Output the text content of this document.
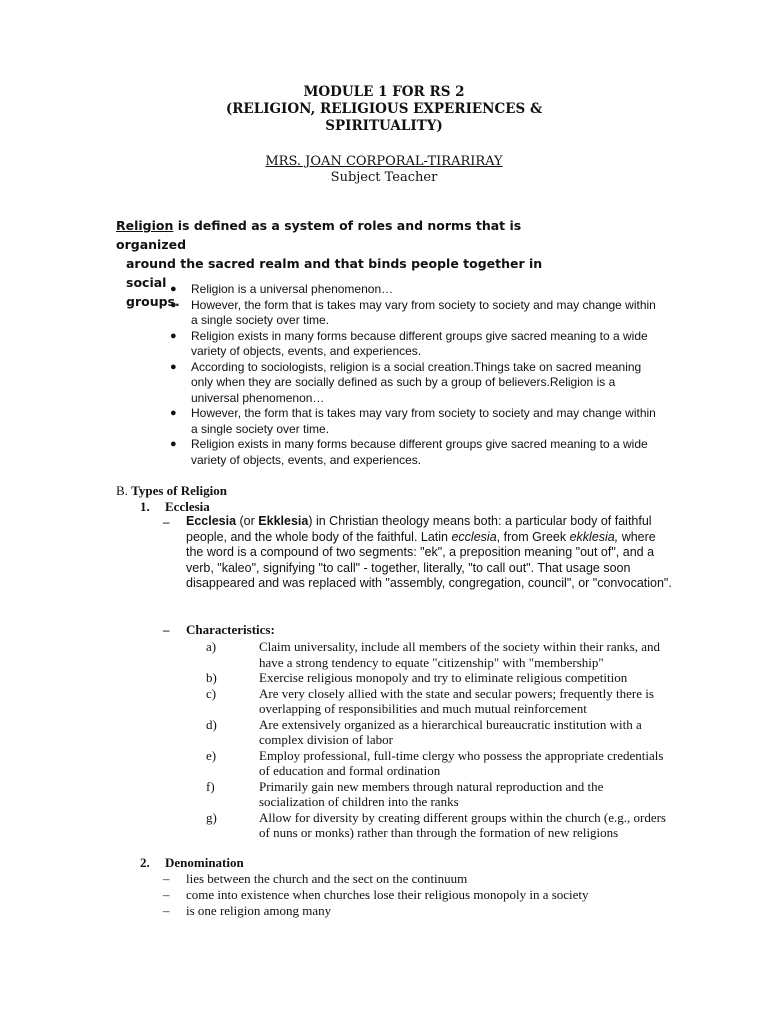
MODULE 1 FOR RS 2
(RELIGION, RELIGIOUS EXPERIENCES &
SPIRITUALITY)
MRS. JOAN CORPORAL-TIRARIRAY
Subject Teacher
Religion is defined as a system of roles and norms that is organized
around the sacred realm and that binds people together in social
groups.
● Religion is a universal phenomenon…
● However, the form that is takes may vary from society to society and may change within a single society over time.
● Religion exists in many forms because different groups give sacred meaning to a wide variety of objects, events, and experiences.
● According to sociologists, religion is a social creation.Things take on sacred meaning only when they are socially defined as such by a group of believers.Religion is a universal phenomenon…
● However, the form that is takes may vary from society to society and may change within a single society over time.
● Religion exists in many forms because different groups give sacred meaning to a wide variety of objects, events, and experiences.
B. Types of Religion
1. Ecclesia
– Ecclesia (or Ekklesia) in Christian theology means both: a particular body of faithful people, and the whole body of the faithful. Latin ecclesia, from Greek ekklesia, where the word is a compound of two segments: "ek", a preposition meaning "out of", and a verb, "kaleo", signifying "to call" - together, literally, "to call out". That usage soon disappeared and was replaced with "assembly, congregation, council", or "convocation".
– Characteristics:
a)	Claim universality, include all members of the society within their ranks, and have a strong tendency to equate "citizenship" with "membership"
b)	Exercise religious monopoly and try to eliminate religious competition
c)	Are very closely allied with the state and secular powers; frequently there is overlapping of responsibilities and much mutual reinforcement
d)	Are extensively organized as a hierarchical bureaucratic institution with a complex division of labor
e)	Employ professional, full-time clergy who possess the appropriate credentials of education and formal ordination
f)	Primarily gain new members through natural reproduction and the socialization of children into the ranks
g)	Allow for diversity by creating different groups within the church (e.g., orders of nuns or monks) rather than through the formation of new religions
2. Denomination
– lies between the church and the sect on the continuum
– come into existence when churches lose their religious monopoly in a society
– is one religion among many
